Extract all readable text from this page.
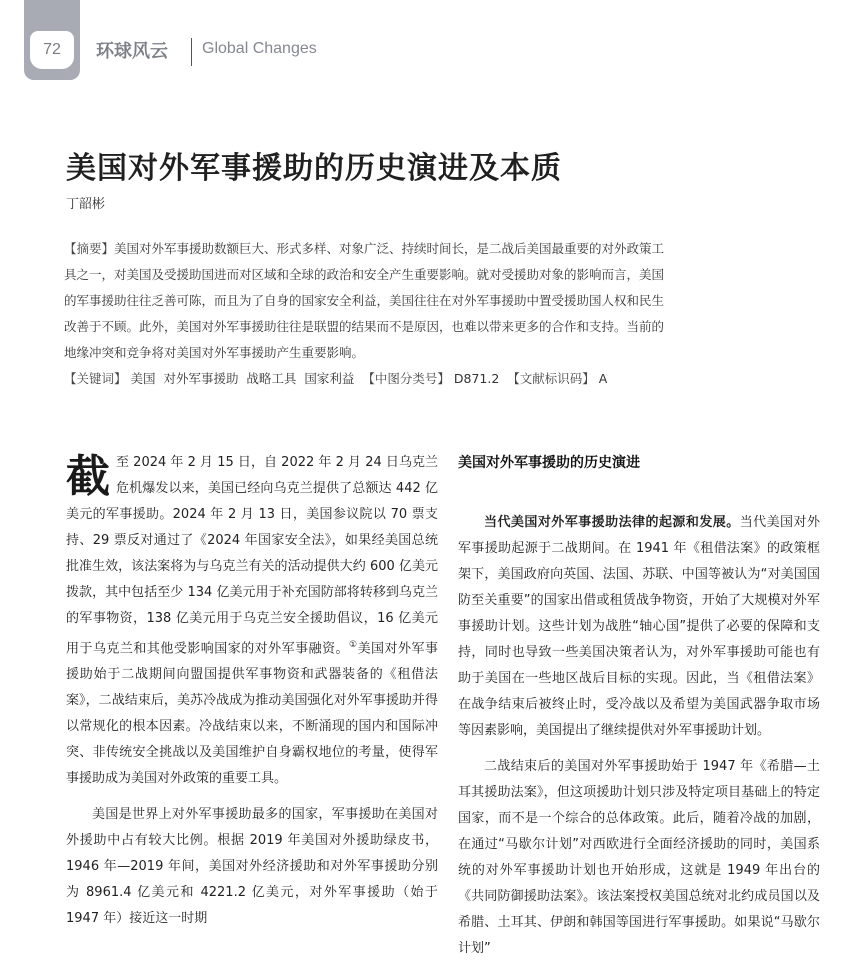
72	环球风云 Global Changes
美国对外军事援助的历史演进及本质
丁韶彬

【摘要】美国对外军事援助数额巨大、形式多样、对象广泛、持续时间长，是二战后美国最重要的对外政策工具之一，对美国及受援助国进而对区域和全球的政治和安全产生重要影响。就对受援助对象的影响而言，美国的军事援助往往乏善可陈，而且为了自身的国家安全利益，美国往往在对外军事援助中置受援助国人权和民生改善于不顾。此外，美国对外军事援助往往是联盟的结果而不是原因，也难以带来更多的合作和支持。当前的地缘冲突和竞争将对美国对外军事援助产生重要影响。

【关键词】 美国  对外军事援助  战略工具  国家利益 【中图分类号】 D871.2 【文献标识码】 A

截至 2024 年 2 月 15 日，自 2022 年 2 月 24 日乌克兰危机爆发以来，美国已经向乌克兰提供了总额达 442 亿美元的军事援助。2024 年 2 月 13 日，美国参议院以 70 票支持、29 票反对通过了《2024 年国家安全法》，如果经美国总统批准生效，该法案将为与乌克兰有关的活动提供大约 600 亿美元拨款，其中包括至少 134 亿美元用于补充国防部将转移到乌克兰的军事物资，138 亿美元用于乌克兰安全援助倡议，16 亿美元用于乌克兰和其他受影响国家的对外军事融资。①美国对外军事援助始于二战期间向盟国提供军事物资和武器装备的《租借法案》，二战结束后，美苏冷战成为推动美国强化对外军事援助并得以常规化的根本因素。冷战结束以来，不断涌现的国内和国际冲突、非传统安全挑战以及美国维护自身霸权地位的考量，使得军事援助成为美国对外政策的重要工具。

美国是世界上对外军事援助最多的国家，军事援助在美国对外援助中占有较大比例。根据 2019 年美国对外援助绿皮书，1946 年—2019 年间，美国对外经济援助和对外军事援助分别为 8961.4 亿美元和 4221.2 亿美元，对外军事援助（始于 1947 年）接近这一时期

美国对外军事援助的历史演进

当代美国对外军事援助法律的起源和发展。当代美国对外军事援助起源于二战期间。在 1941 年《租借法案》的政策框架下，美国政府向英国、法国、苏联、中国等被认为“对美国国防至关重要”的国家出借或租赁战争物资，开始了大规模对外军事援助计划。这些计划为战胜“轴心国”提供了必要的保障和支持，同时也导致一些美国决策者认为，对外军事援助可能也有助于美国在一些地区战后目标的实现。因此，当《租借法案》在战争结束后被终止时，受冷战以及希望为美国武器争取市场等因素影响，美国提出了继续提供对外军事援助计划。

二战结束后的美国对外军事援助始于 1947 年《希腊—土耳其援助法案》，但这项援助计划只涉及特定项目基础上的特定国家，而不是一个综合的总体政策。此后，随着冷战的加剧，在通过“马歇尔计划”对西欧进行全面经济援助的同时，美国系统的对外军事援助计划也开始形成，这就是 1949 年出台的《共同防御援助法案》。该法案授权美国总统对北约成员国以及希腊、土耳其、伊朗和韩国等国进行军事援助。如果说“马歇尔计划”
